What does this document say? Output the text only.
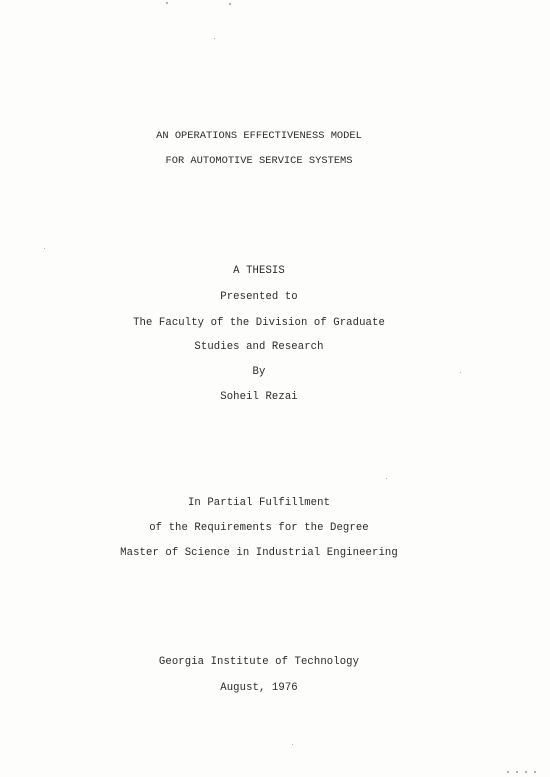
AN OPERATIONS EFFECTIVENESS MODEL
FOR AUTOMOTIVE SERVICE SYSTEMS
A THESIS
Presented to
The Faculty of the Division of Graduate
Studies and Research
By
Soheil Rezai
In Partial Fulfillment
of the Requirements for the Degree
Master of Science in Industrial Engineering
Georgia Institute of Technology
August, 1976
